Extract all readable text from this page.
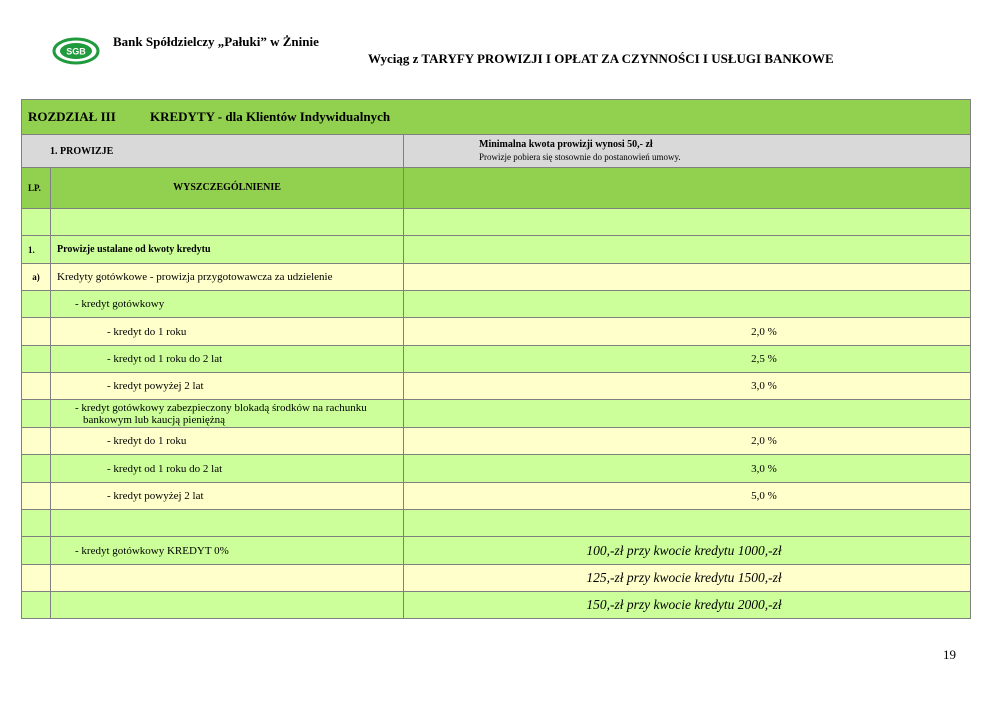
SGB
Bank Spółdzielczy „Pałuki” w Żninie
Wyciąg z TARYFY PROWIZJI I OPŁAT ZA CZYNNOŚCI I USŁUGI BANKOWE
ROZDZIAŁ III KREDYTY - dla Klientów Indywidualnych		
1. PROWIZJE		Minimalna kwota prowizji wynosi 50,- zł
Prowizje pobiera się stosownie do postanowień umowy.

LP.	WYSZCZEGÓLNIENIE	

1.	Prowizje ustalane od kwoty kredytu	
a)	Kredyty gotówkowe - prowizja przygotowawcza za udzielenie	
	- kredyt gotówkowy	
	- kredyt do 1 roku	2,0 %
	- kredyt od 1 roku do 2 lat	2,5 %
	- kredyt powyżej 2 lat	3,0 %
	- kredyt gotówkowy zabezpieczony blokadą środków na rachunku
bankowym lub kaucją pieniężną	
	- kredyt do 1 roku	2,0 %
	- kredyt od 1 roku do 2 lat	3,0 %
	- kredyt powyżej 2 lat	5,0 %

	- kredyt gotówkowy KREDYT 0%	100,-zł przy kwocie kredytu 1000,-zł
		125,-zł przy kwocie kredytu 1500,-zł
		150,-zł przy kwocie kredytu 2000,-zł
19
